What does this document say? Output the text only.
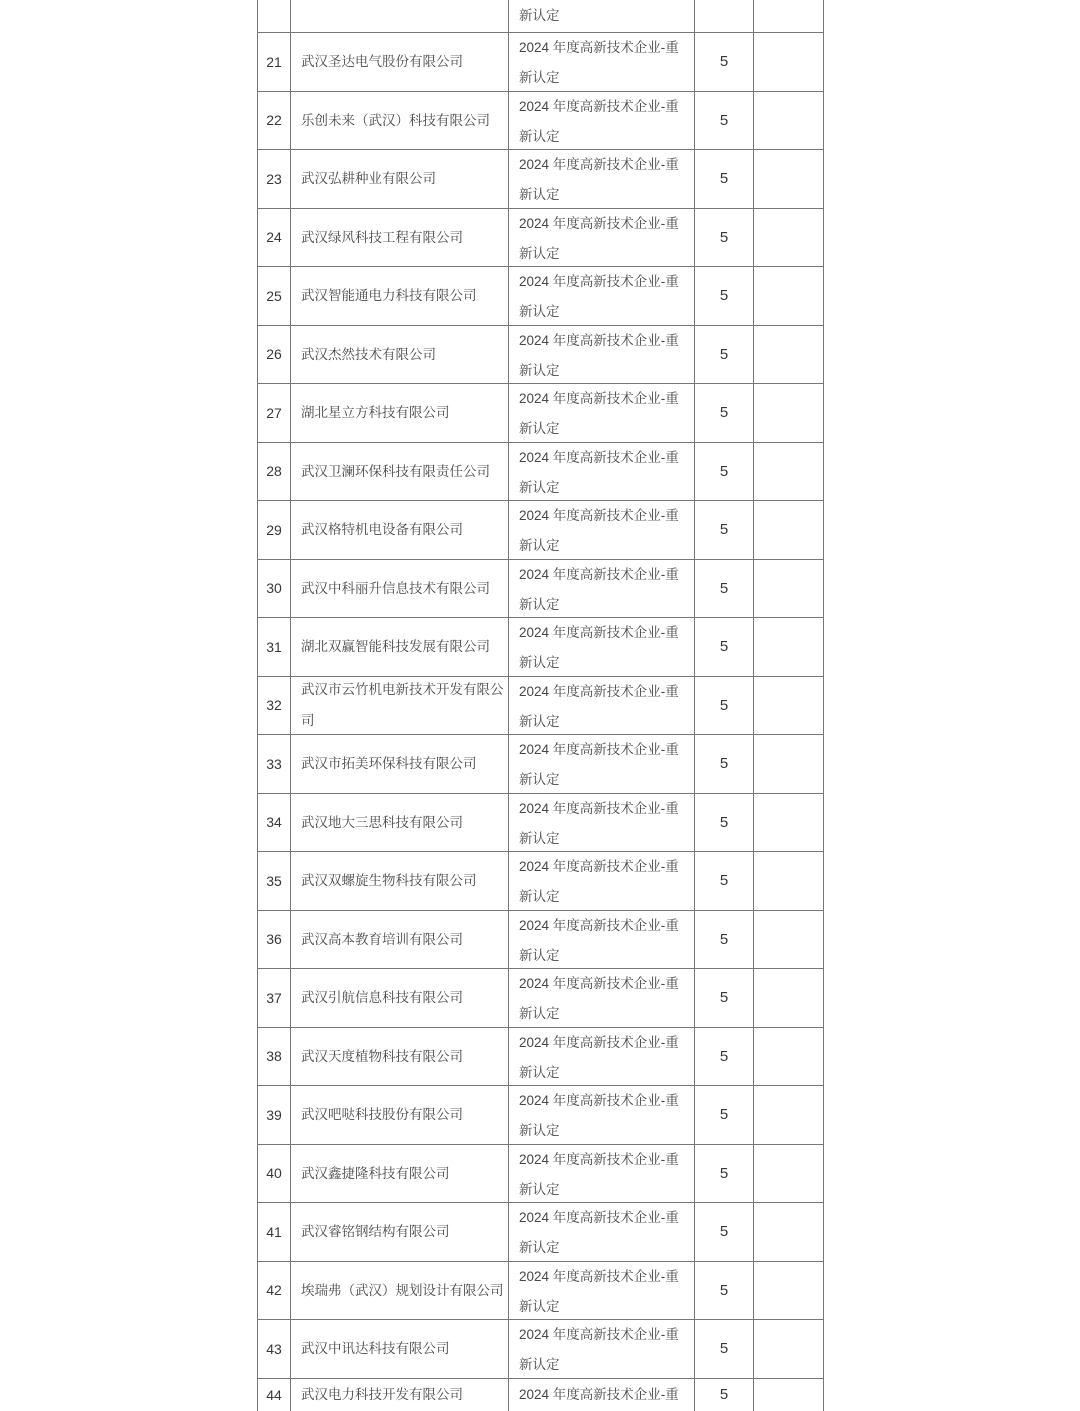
新认定
21 武汉圣达电气股份有限公司
2024 年度高新技术企业-重
新认定
5
22 乐创未来（武汉）科技有限公司
2024 年度高新技术企业-重
新认定
5
23 武汉弘耕种业有限公司
2024 年度高新技术企业-重
新认定
5
24 武汉绿风科技工程有限公司
2024 年度高新技术企业-重
新认定
5
25 武汉智能通电力科技有限公司
2024 年度高新技术企业-重
新认定
5
26 武汉杰然技术有限公司
2024 年度高新技术企业-重
新认定
5
27 湖北星立方科技有限公司
2024 年度高新技术企业-重
新认定
5
28 武汉卫澜环保科技有限责任公司
2024 年度高新技术企业-重
新认定
5
29 武汉格特机电设备有限公司
2024 年度高新技术企业-重
新认定
5
30 武汉中科丽升信息技术有限公司
2024 年度高新技术企业-重
新认定
5
31 湖北双赢智能科技发展有限公司
2024 年度高新技术企业-重
新认定
5
32
武汉市云竹机电新技术开发有限公司
2024 年度高新技术企业-重
新认定
5
33 武汉市拓美环保科技有限公司
2024 年度高新技术企业-重
新认定
5
34 武汉地大三思科技有限公司
2024 年度高新技术企业-重
新认定
5
35 武汉双螺旋生物科技有限公司
2024 年度高新技术企业-重
新认定
5
36 武汉高本教育培训有限公司
2024 年度高新技术企业-重
新认定
5
37 武汉引航信息科技有限公司
2024 年度高新技术企业-重
新认定
5
38 武汉天度植物科技有限公司
2024 年度高新技术企业-重
新认定
5
39 武汉吧哒科技股份有限公司
2024 年度高新技术企业-重
新认定
5
40 武汉鑫捷隆科技有限公司
2024 年度高新技术企业-重
新认定
5
41 武汉睿铭钢结构有限公司
2024 年度高新技术企业-重
新认定
5
42 埃瑞弗（武汉）规划设计有限公司
2024 年度高新技术企业-重
新认定
5
43 武汉中讯达科技有限公司
2024 年度高新技术企业-重
新认定
5
44 武汉电力科技开发有限公司	2024 年度高新技术企业-重	5
